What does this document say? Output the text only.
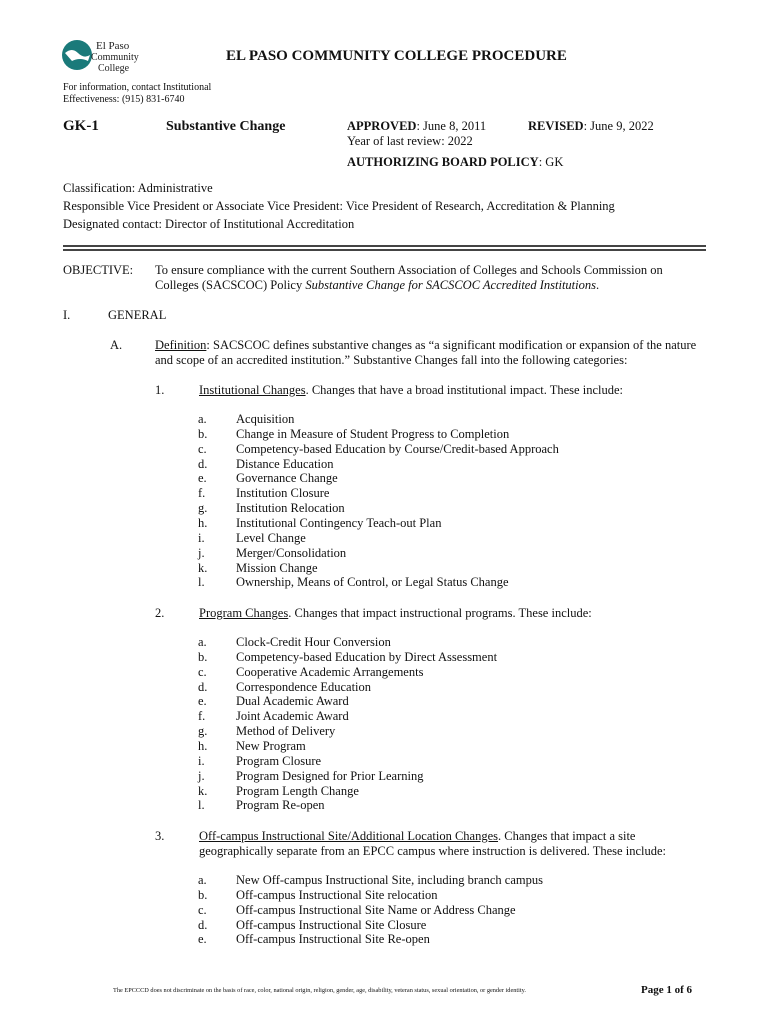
El Paso
Community
College
EL PASO COMMUNITY COLLEGE PROCEDURE
For information, contact Institutional
Effectiveness: (915) 831-6740
GK-1	Substantive Change	APPROVED: June 8, 2011	REVISED: June 9, 2022
Year of last review: 2022
AUTHORIZING BOARD POLICY: GK
Classification: Administrative
Responsible Vice President or Associate Vice President: Vice President of Research, Accreditation & Planning
Designated contact: Director of Institutional Accreditation
OBJECTIVE: To ensure compliance with the current Southern Association of Colleges and Schools Commission on
Colleges (SACSCOC) Policy Substantive Change for SACSCOC Accredited Institutions.
I.	GENERAL
A.	Definition: SACSCOC defines substantive changes as “a significant modification or expansion of the nature
and scope of an accredited institution.” Substantive Changes fall into the following categories:
1.	Institutional Changes. Changes that have a broad institutional impact. These include:
a. Acquisition
b. Change in Measure of Student Progress to Completion
c. Competency-based Education by Course/Credit-based Approach
d. Distance Education
e. Governance Change
f. Institution Closure
g. Institution Relocation
h. Institutional Contingency Teach-out Plan
i.	Level Change
j.	Merger/Consolidation
k. Mission Change
l.	Ownership, Means of Control, or Legal Status Change
2.	Program Changes. Changes that impact instructional programs. These include:
a. Clock-Credit Hour Conversion
b. Competency-based Education by Direct Assessment
c. Cooperative Academic Arrangements
d. Correspondence Education
e. Dual Academic Award
f. Joint Academic Award
g. Method of Delivery
h. New Program
i.	Program Closure
j.	Program Designed for Prior Learning
k. Program Length Change
l.	Program Re-open
3.	Off-campus Instructional Site/Additional Location Changes. Changes that impact a site
geographically separate from an EPCC campus where instruction is delivered. These include:
a. New Off-campus Instructional Site, including branch campus
b. Off-campus Instructional Site relocation
c. Off-campus Instructional Site Name or Address Change
d. Off-campus Instructional Site Closure
e. Off-campus Instructional Site Re-open
The EPCCCD does not discriminate on the basis of race, color, national origin, religion, gender, age, disability, veteran status, sexual orientation, or gender identity.	Page 1 of 6
